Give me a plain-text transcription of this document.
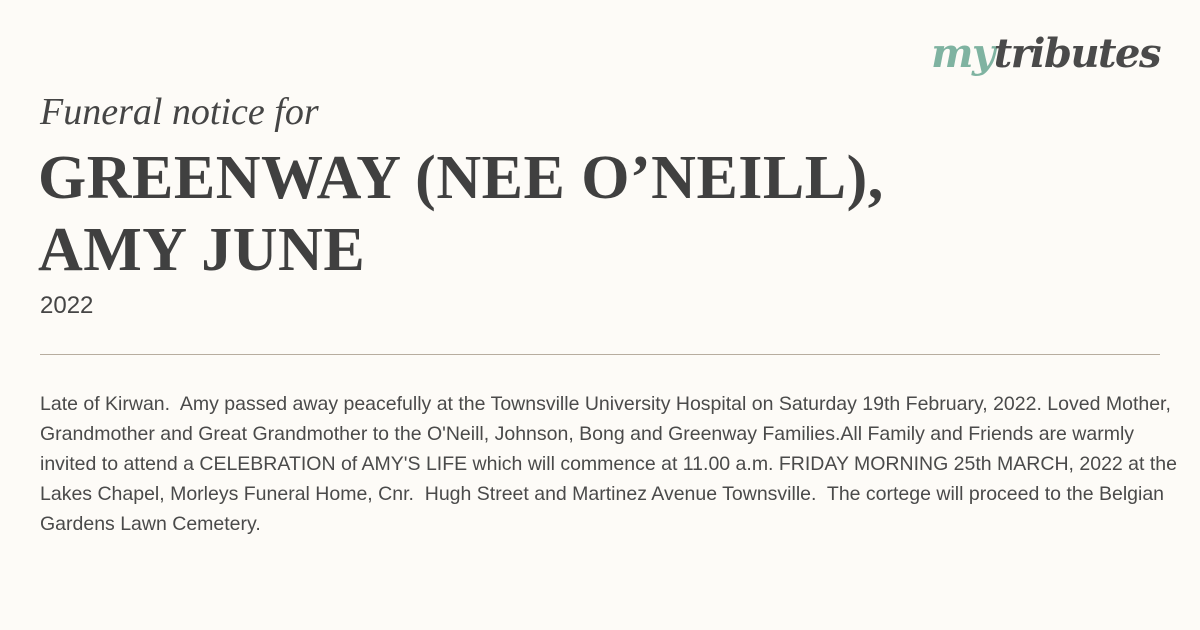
mytributes
Funeral notice for
GREENWAY (NEE O’NEILL),
AMY JUNE
2022

Late of Kirwan.  Amy passed away peacefully at the Townsville University Hospital on Saturday 19th February, 2022. Loved Mother, Grandmother and Great Grandmother to the O'Neill, Johnson, Bong and Greenway Families.All Family and Friends are warmly invited to attend a CELEBRATION of AMY'S LIFE which will commence at 11.00 a.m. FRIDAY MORNING 25th MARCH, 2022 at the Lakes Chapel, Morleys Funeral Home, Cnr.  Hugh Street and Martinez Avenue Townsville.  The cortege will proceed to the Belgian Gardens Lawn Cemetery.
